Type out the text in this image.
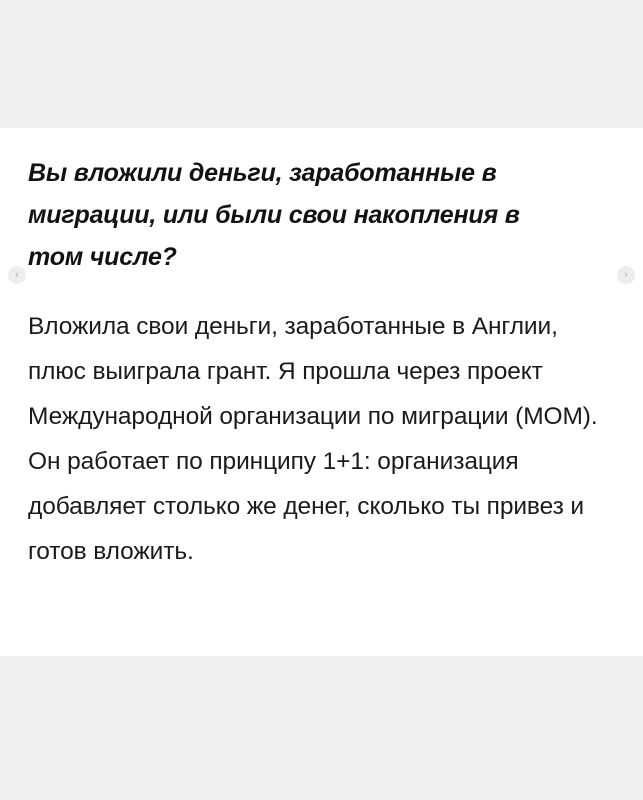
Вы вложили деньги, заработанные в миграции, или были свои накопления в том числе?

Вложила свои деньги, заработанные в Англии, плюс выиграла грант. Я прошла через проект Международной организации по миграции (МОМ). Он работает по принципу 1+1: организация добавляет столько же денег, сколько ты привез и готов вложить.

‹	›
